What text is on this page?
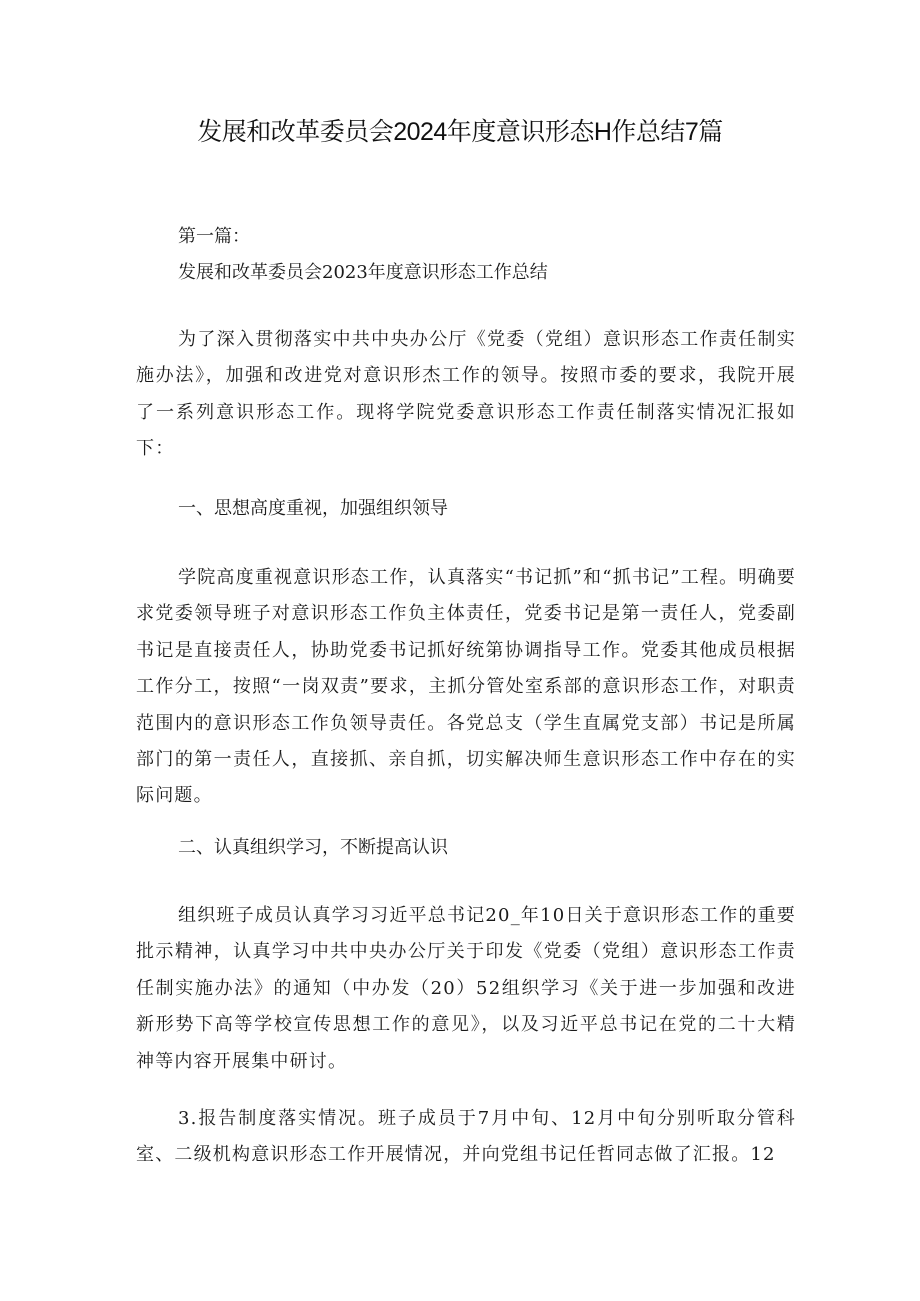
发展和改革委员会2024年度意识形态H作总结7篇
第一篇：
发展和改革委员会2023年度意识形态工作总结
为了深入贯彻落实中共中央办公厅《党委（党组）意识形态工作责任制实施办法》，加强和改进党对意识形杰工作的领导。按照市委的要求，我院开展了一系列意识形态工作。现将学院党委意识形态工作责任制落实情况汇报如下：
一、思想高度重视，加强组织领导
学院高度重视意识形态工作，认真落实“书记抓”和“抓书记”工程。明确要求党委领导班子对意识形态工作负主体责任，党委书记是第一责任人，党委副书记是直接责任人，协助党委书记抓好统第协调指导工作。党委其他成员根据工作分工，按照“一岗双责”要求，主抓分管处室系部的意识形态工作，对职责范围内的意识形态工作负领导责任。各党总支（学生直属党支部）书记是所属部门的第一责任人，直接抓、亲自抓，切实解决师生意识形态工作中存在的实际问题。
二、认真组织学习，不断提高认识
组织班子成员认真学习习近平总书记20_年10日关于意识形态工作的重要批示精神，认真学习中共中央办公厅关于印发《党委（党组）意识形态工作责任制实施办法》的通知（中办发（20）52组织学习《关于进一步加强和改进新形势下高等学校宣传思想工作的意见》，以及习近平总书记在党的二十大精神等内容开展集中研讨。
3.报告制度落实情况。班子成员于7月中旬、12月中旬分别听取分管科室、二级机构意识形态工作开展情况，并向党组书记任哲同志做了汇报。12
